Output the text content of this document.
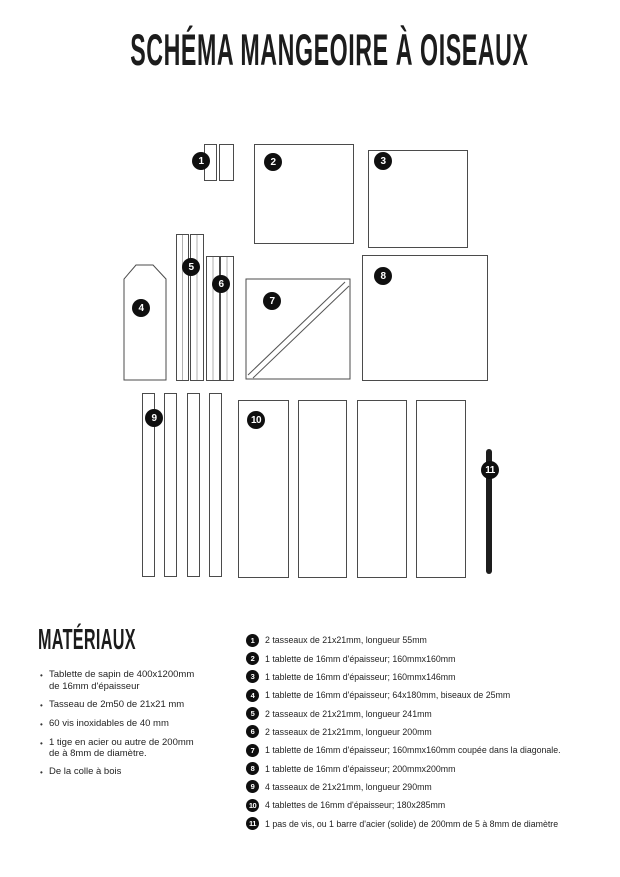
SCHÉMA MANGEOIRE À OISEAUX
1	2	3
4
5
6
7
8
9	10
11
MATÉRIAUX
• Tablette de sapin de 400x1200mm
de 16mm d'épaisseur
• Tasseau de 2m50 de 21x21 mm
• 60 vis inoxidables de 40 mm
• 1 tige en acier ou autre de 200mm
de à 8mm de diamètre.
• De la colle à bois
1	2 tasseaux de 21x21mm, longueur 55mm
2	1 tablette de 16mm d'épaisseur; 160mmx160mm
3	1 tablette de 16mm d'épaisseur; 160mmx146mm
4	1 tablette de 16mm d'épaisseur; 64x180mm, biseaux de 25mm
5	2 tasseaux de 21x21mm, longueur 241mm
6	2 tasseaux de 21x21mm, longueur 200mm
7	1 tablette de 16mm d'épaisseur; 160mmx160mm coupée dans la diagonale.
8	1 tablette de 16mm d'épaisseur; 200mmx200mm
9	4 tasseaux de 21x21mm, longueur 290mm
10	4 tablettes de 16mm d'épaisseur; 180x285mm
11	1 pas de vis, ou 1 barre d'acier (solide) de 200mm de 5 à 8mm de diamètre
